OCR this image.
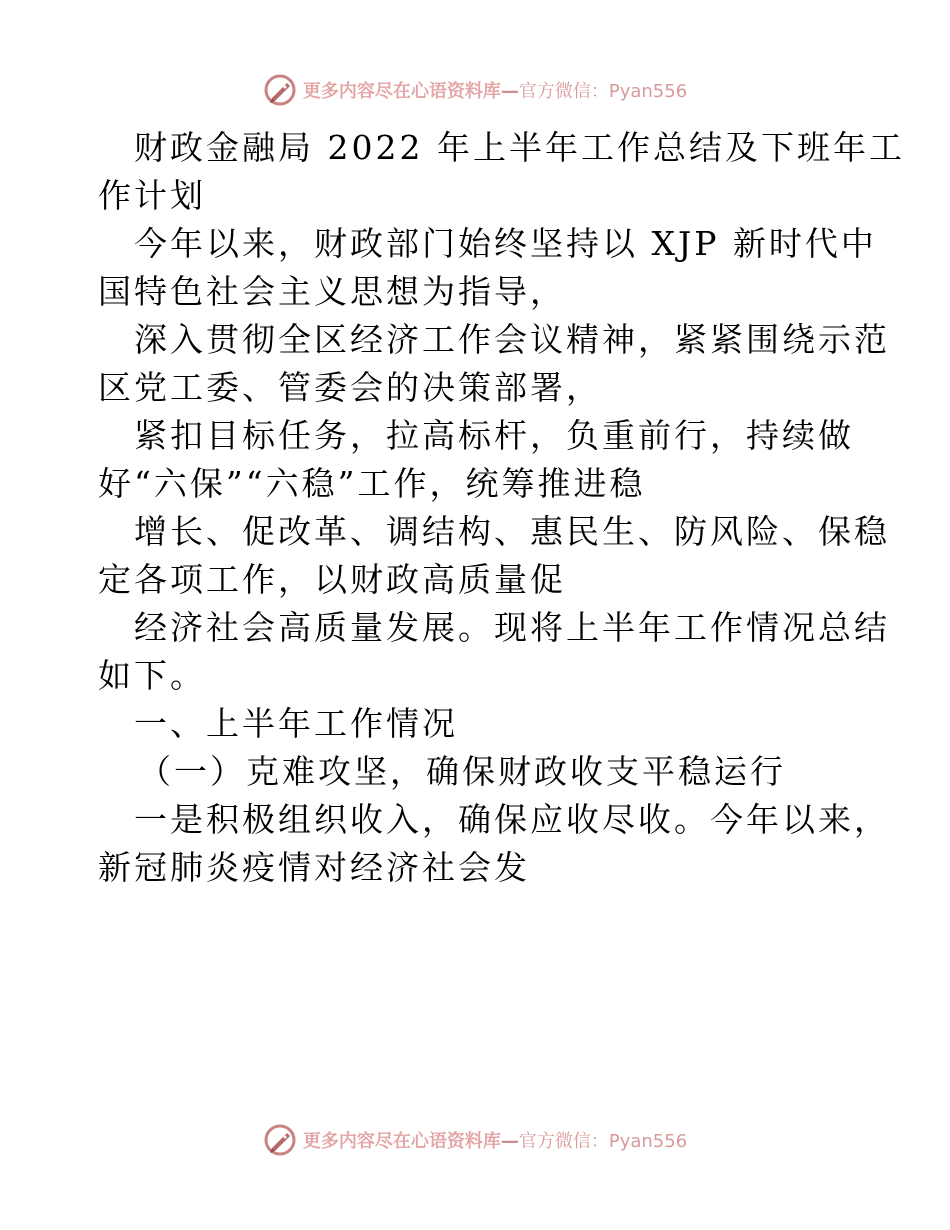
更多内容尽在心语资料库—官方微信：Pyan556
财政金融局 2022 年上半年工作总结及下班年工
作计划
今年以来，财政部门始终坚持以 XJP 新时代中
国特色社会主义思想为指导，
深入贯彻全区经济工作会议精神，紧紧围绕示范
区党工委、管委会的决策部署，
紧扣目标任务，拉高标杆，负重前行，持续做
好“六保”“六稳”工作，统筹推进稳
增长、促改革、调结构、惠民生、防风险、保稳
定各项工作，以财政高质量促
经济社会高质量发展。现将上半年工作情况总结
如下。
一、上半年工作情况
（一）克难攻坚，确保财政收支平稳运行
一是积极组织收入，确保应收尽收。今年以来，
新冠肺炎疫情对经济社会发
更多内容尽在心语资料库—官方微信：Pyan556
